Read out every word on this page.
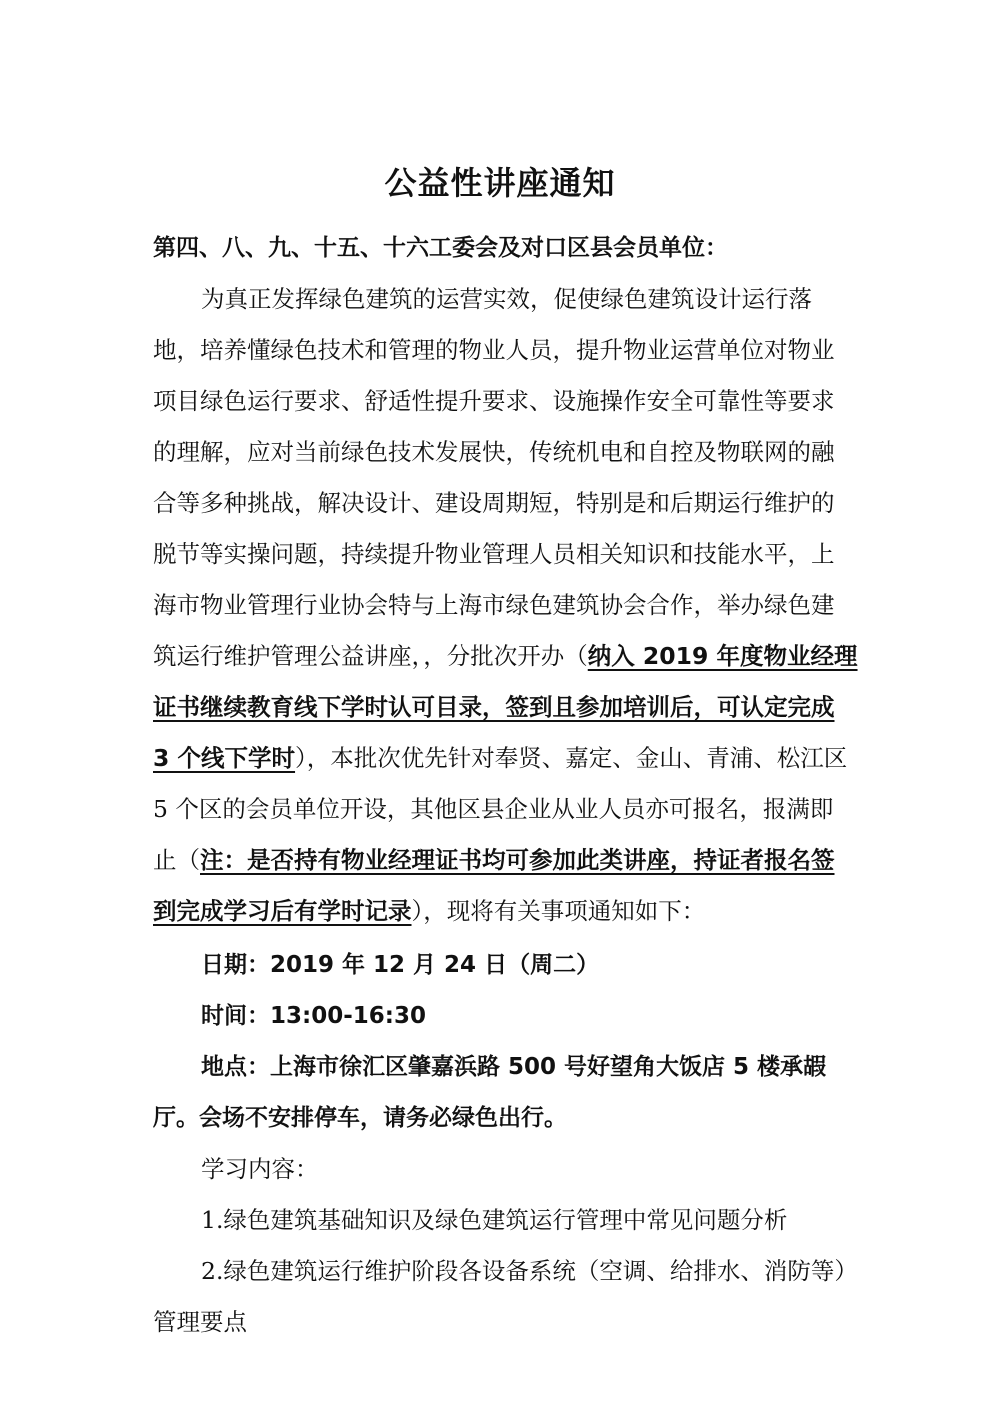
公益性讲座通知
第四、八、九、十五、十六工委会及对口区县会员单位：
为真正发挥绿色建筑的运营实效，促使绿色建筑设计运行落
地，培养懂绿色技术和管理的物业人员，提升物业运营单位对物业
项目绿色运行要求、舒适性提升要求、设施操作安全可靠性等要求
的理解，应对当前绿色技术发展快，传统机电和自控及物联网的融
合等多种挑战，解决设计、建设周期短，特别是和后期运行维护的
脱节等实操问题，持续提升物业管理人员相关知识和技能水平，上
海市物业管理行业协会特与上海市绿色建筑协会合作，举办绿色建
筑运行维护管理公益讲座，，分批次开办（纳入 2019 年度物业经理
证书继续教育线下学时认可目录，签到且参加培训后，可认定完成
3 个线下学时），本批次优先针对奉贤、嘉定、金山、青浦、松江区
5 个区的会员单位开设，其他区县企业从业人员亦可报名，报满即
止（注：是否持有物业经理证书均可参加此类讲座，持证者报名签
到完成学习后有学时记录），现将有关事项通知如下：
日期：2019 年 12 月 24 日（周二）
时间：13:00-16:30
地点：上海市徐汇区肇嘉浜路 500 号好望角大饭店 5 楼承嘏
厅。会场不安排停车，请务必绿色出行。
学习内容：
1.绿色建筑基础知识及绿色建筑运行管理中常见问题分析
2.绿色建筑运行维护阶段各设备系统（空调、给排水、消防等）
管理要点
